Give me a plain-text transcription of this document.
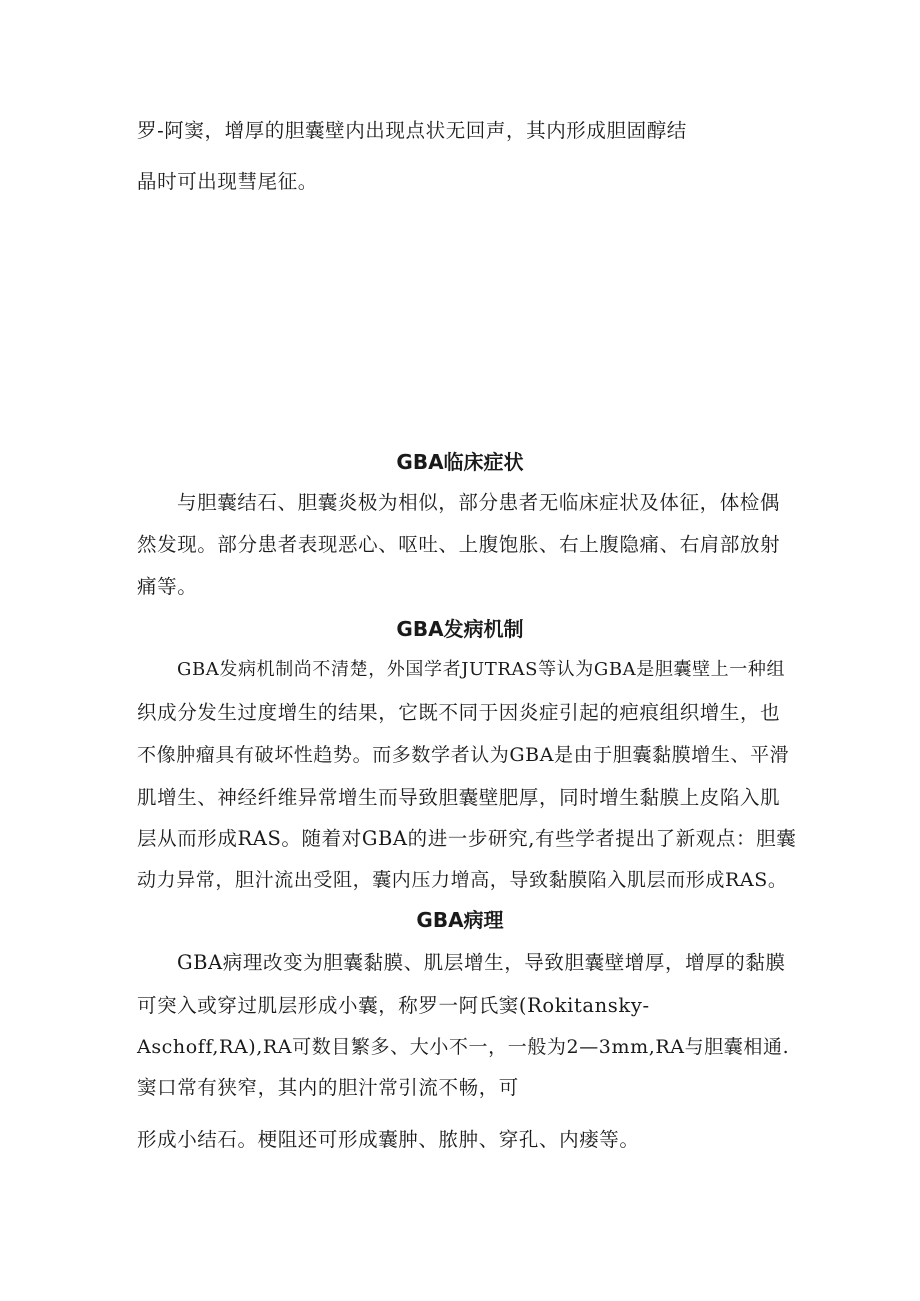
罗-阿窦，增厚的胆囊壁内出现点状无回声，其内形成胆固醇结
晶时可出现彗尾征。
GBA临床症状
与胆囊结石、胆囊炎极为相似，部分患者无临床症状及体征，体检偶
然发现。部分患者表现恶心、呕吐、上腹饱胀、右上腹隐痛、右肩部放射
痛等。
GBA发病机制
GBA发病机制尚不清楚，外国学者JUTRAS等认为GBA是胆囊壁上一种组
织成分发生过度增生的结果，它既不同于因炎症引起的疤痕组织增生，也
不像肿瘤具有破坏性趋势。而多数学者认为GBA是由于胆囊黏膜增生、平滑
肌增生、神经纤维异常增生而导致胆囊壁肥厚，同时增生黏膜上皮陷入肌
层从而形成RAS。随着对GBA的进一步研究,有些学者提出了新观点：胆囊
动力异常，胆汁流出受阻，囊内压力增高，导致黏膜陷入肌层而形成RAS。
GBA病理
GBA病理改变为胆囊黏膜、肌层增生，导致胆囊壁增厚，增厚的黏膜
可突入或穿过肌层形成小囊，称罗一阿氏窦(Rokitansky-
Aschoff,RA),RA可数目繁多、大小不一，一般为2—3mm,RA与胆囊相通.
窦口常有狭窄，其内的胆汁常引流不畅，可
形成小结石。梗阻还可形成囊肿、脓肿、穿孔、内瘘等。
